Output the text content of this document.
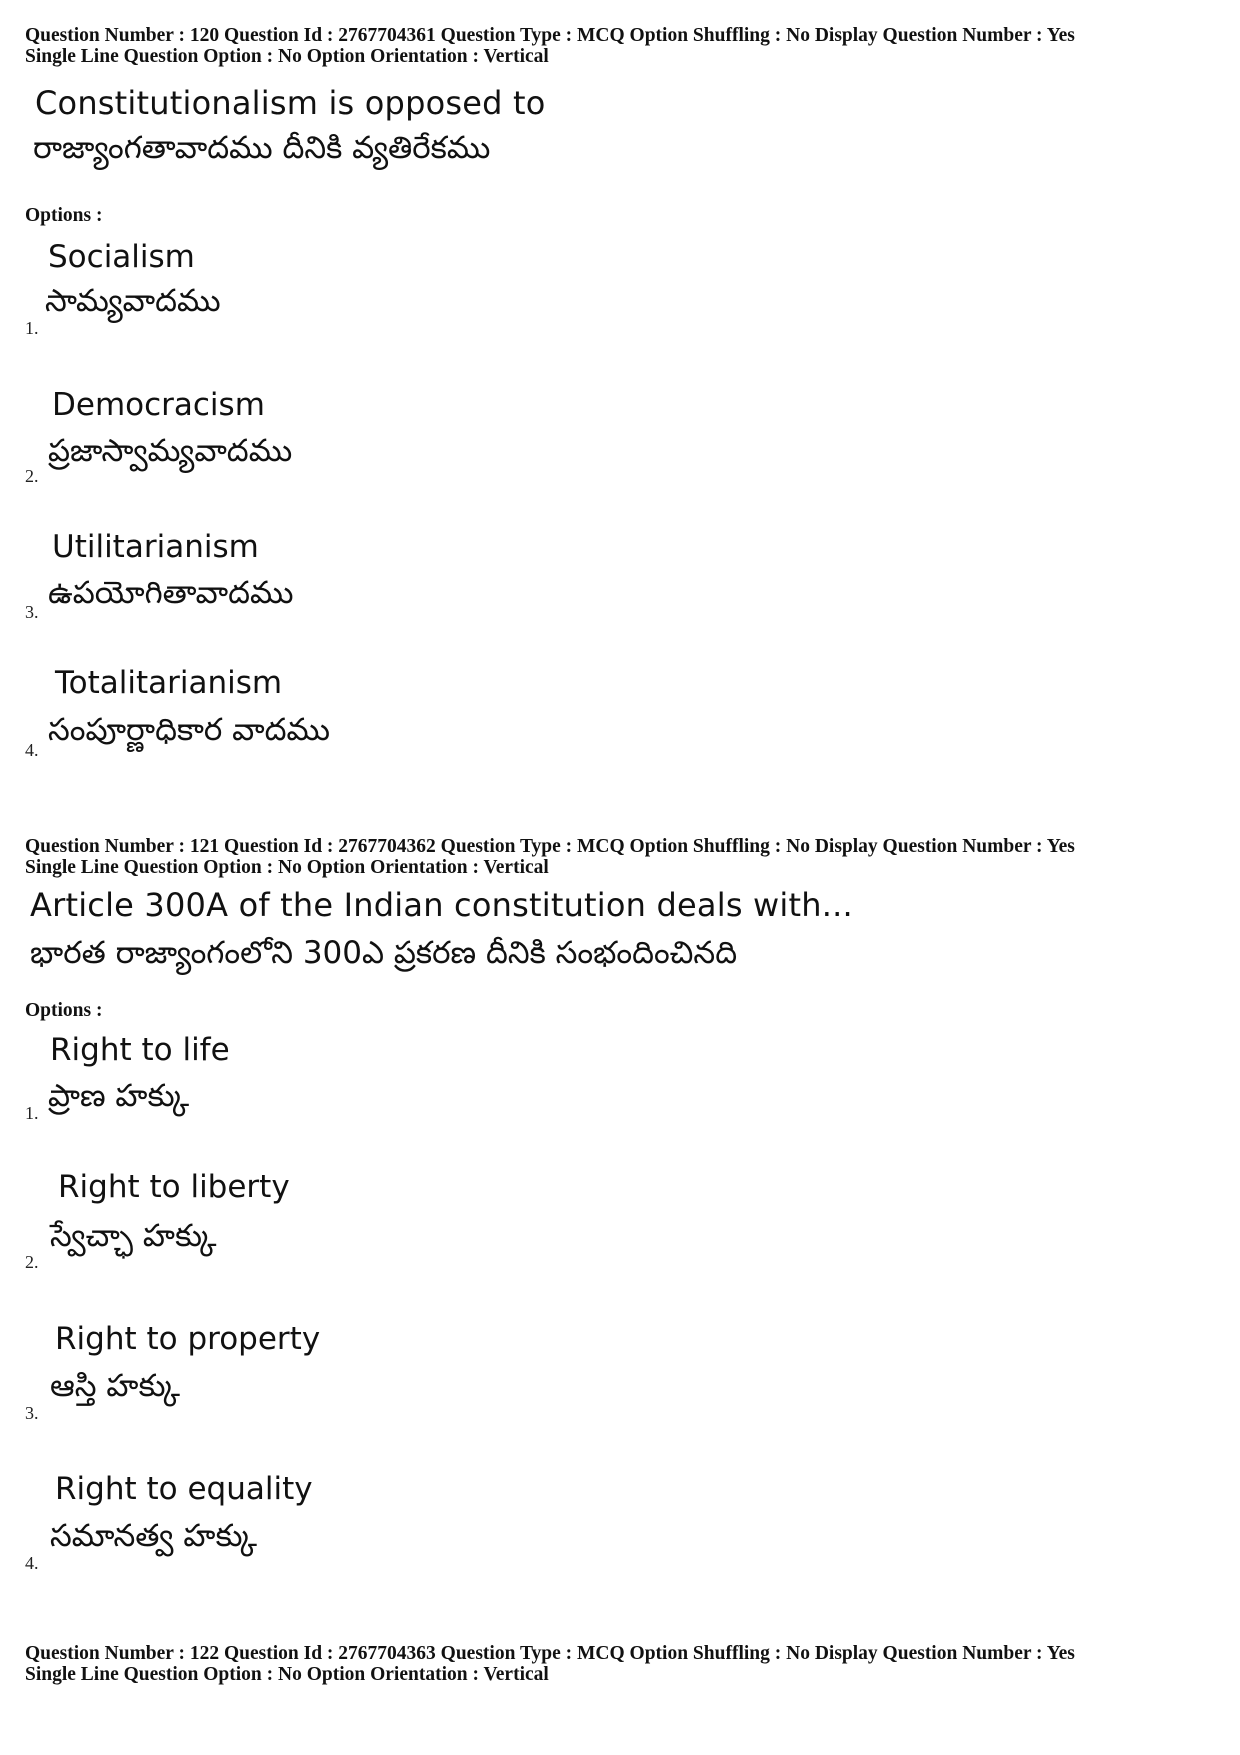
Question Number : 120 Question Id : 2767704361 Question Type : MCQ Option Shuffling : No Display Question Number : Yes
Single Line Question Option : No Option Orientation : Vertical
Constitutionalism is opposed to
రాజ్యాంగతావాదము దీనికి వ్యతిరేకము
Options :
Socialism
సామ్యవాదము
1.
Democracism
ప్రజాస్వామ్యవాదము
2.
Utilitarianism
ఉపయోగితావాదము
3.
Totalitarianism
సంపూర్ణాధికార వాదము
4.
Question Number : 121 Question Id : 2767704362 Question Type : MCQ Option Shuffling : No Display Question Number : Yes
Single Line Question Option : No Option Orientation : Vertical
Article 300A of the Indian constitution deals with...
భారత రాజ్యాంగంలోని 300ఎ ప్రకరణ దీనికి సంభందించినది
Options :
Right to life
ప్రాణ హక్కు
1.
Right to liberty
స్వేచ్ఛా హక్కు
2.
Right to property
ఆస్తి హక్కు
3.
Right to equality
సమానత్వ హక్కు
4.
Question Number : 122 Question Id : 2767704363 Question Type : MCQ Option Shuffling : No Display Question Number : Yes
Single Line Question Option : No Option Orientation : Vertical
